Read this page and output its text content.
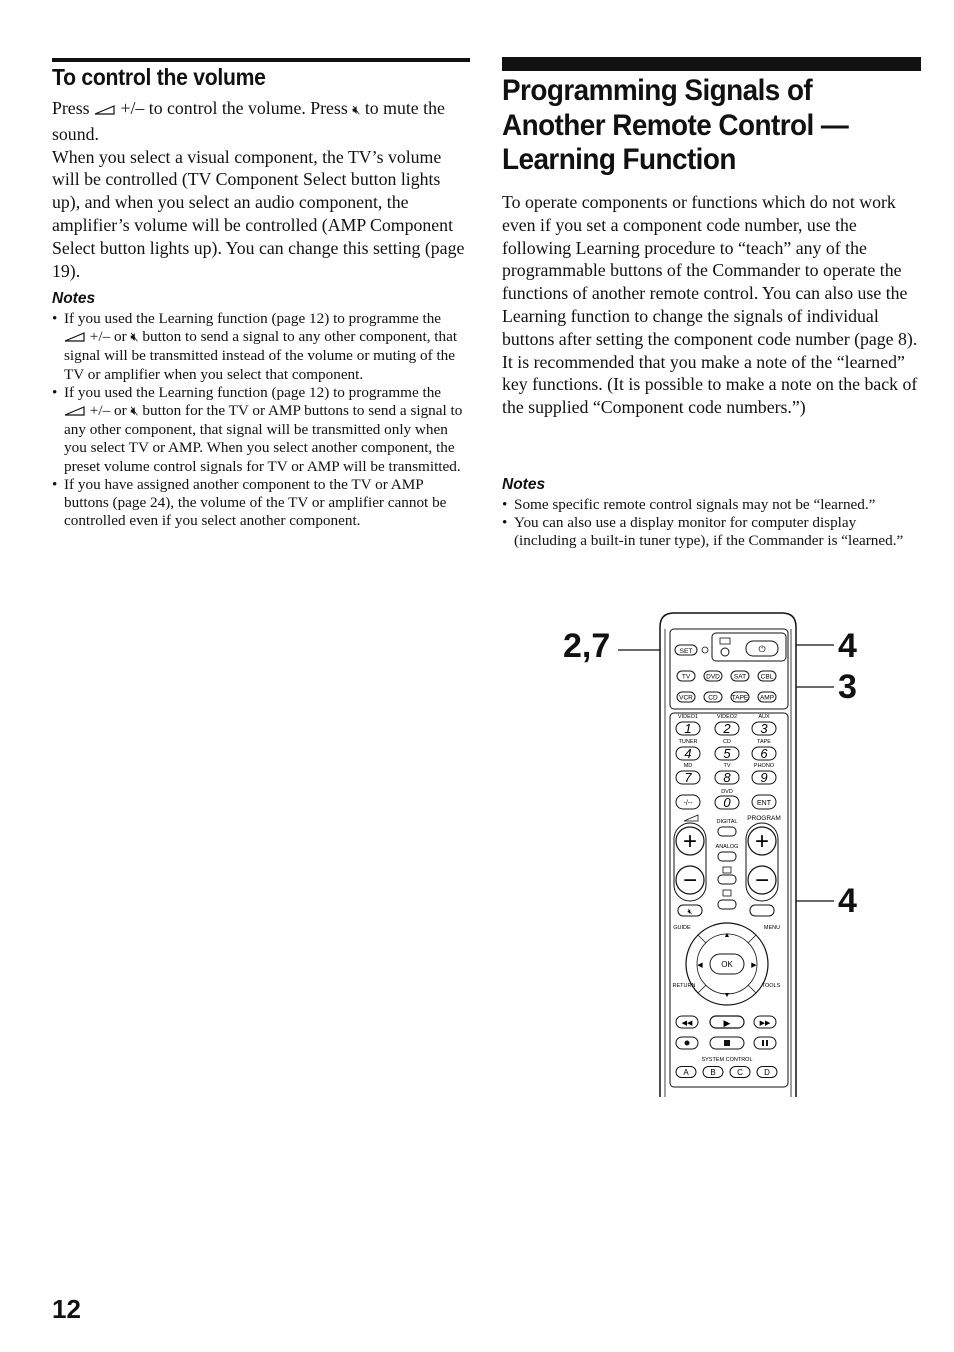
To control the volume

Press  +/– to control the volume. Press 🔇︎ to mute the sound.

When you select a visual component, the TV’s volume will be controlled (TV Component Select button lights up), and when you select an audio component, the amplifier’s volume will be controlled (AMP Component Select button lights up). You can change this setting (page 19).

Notes
• If you used the Learning function (page 12) to programme the  +/– or 🔇︎ button to send a signal to any other component, that signal will be transmitted instead of the volume or muting of the TV or amplifier when you select that component.
• If you used the Learning function (page 12) to programme the  +/– or 🔇︎ button for the TV or AMP buttons to send a signal to any other component, that signal will be transmitted only when you select TV or AMP. When you select another component, the preset volume control signals for TV or AMP will be transmitted.
• If you have assigned another component to the TV or AMP buttons (page 24), the volume of the TV or amplifier cannot be controlled even if you select another component.
Programming Signals of Another Remote Control — Learning Function

To operate components or functions which do not work even if you set a component code number, use the following Learning procedure to “teach” any of the programmable buttons of the Commander to operate the functions of another remote control. You can also use the Learning function to change the signals of individual buttons after setting the component code number (page 8). It is recommended that you make a note of the “learned” key functions. (It is possible to make a note on the back of the supplied “Component code numbers.”)

Notes
• Some specific remote control signals may not be “learned.”
• You can also use a display monitor for computer display (including a built-in tuner type), if the Commander is “learned.”
2,7	4
3
4
⏻
SET
TV DVD SAT CBL
VCR CD TAPE AMP
VIDEO1
1
VIDEO2
2
AUX
3
TUNER
4
CD
5
TAPE
6
MD
7
TV
8
PHONO
9
DVD
0
-/--	ENT
PROGRAM
+
−
+
−
DIGITAL
ANALOG
🔇︎
GUIDE	MENU
OK
▲
▼
◀	▶
RETURN	TOOLS
◀◀	▶	▶▶
SYSTEM CONTROL
A	B	C	D
12
